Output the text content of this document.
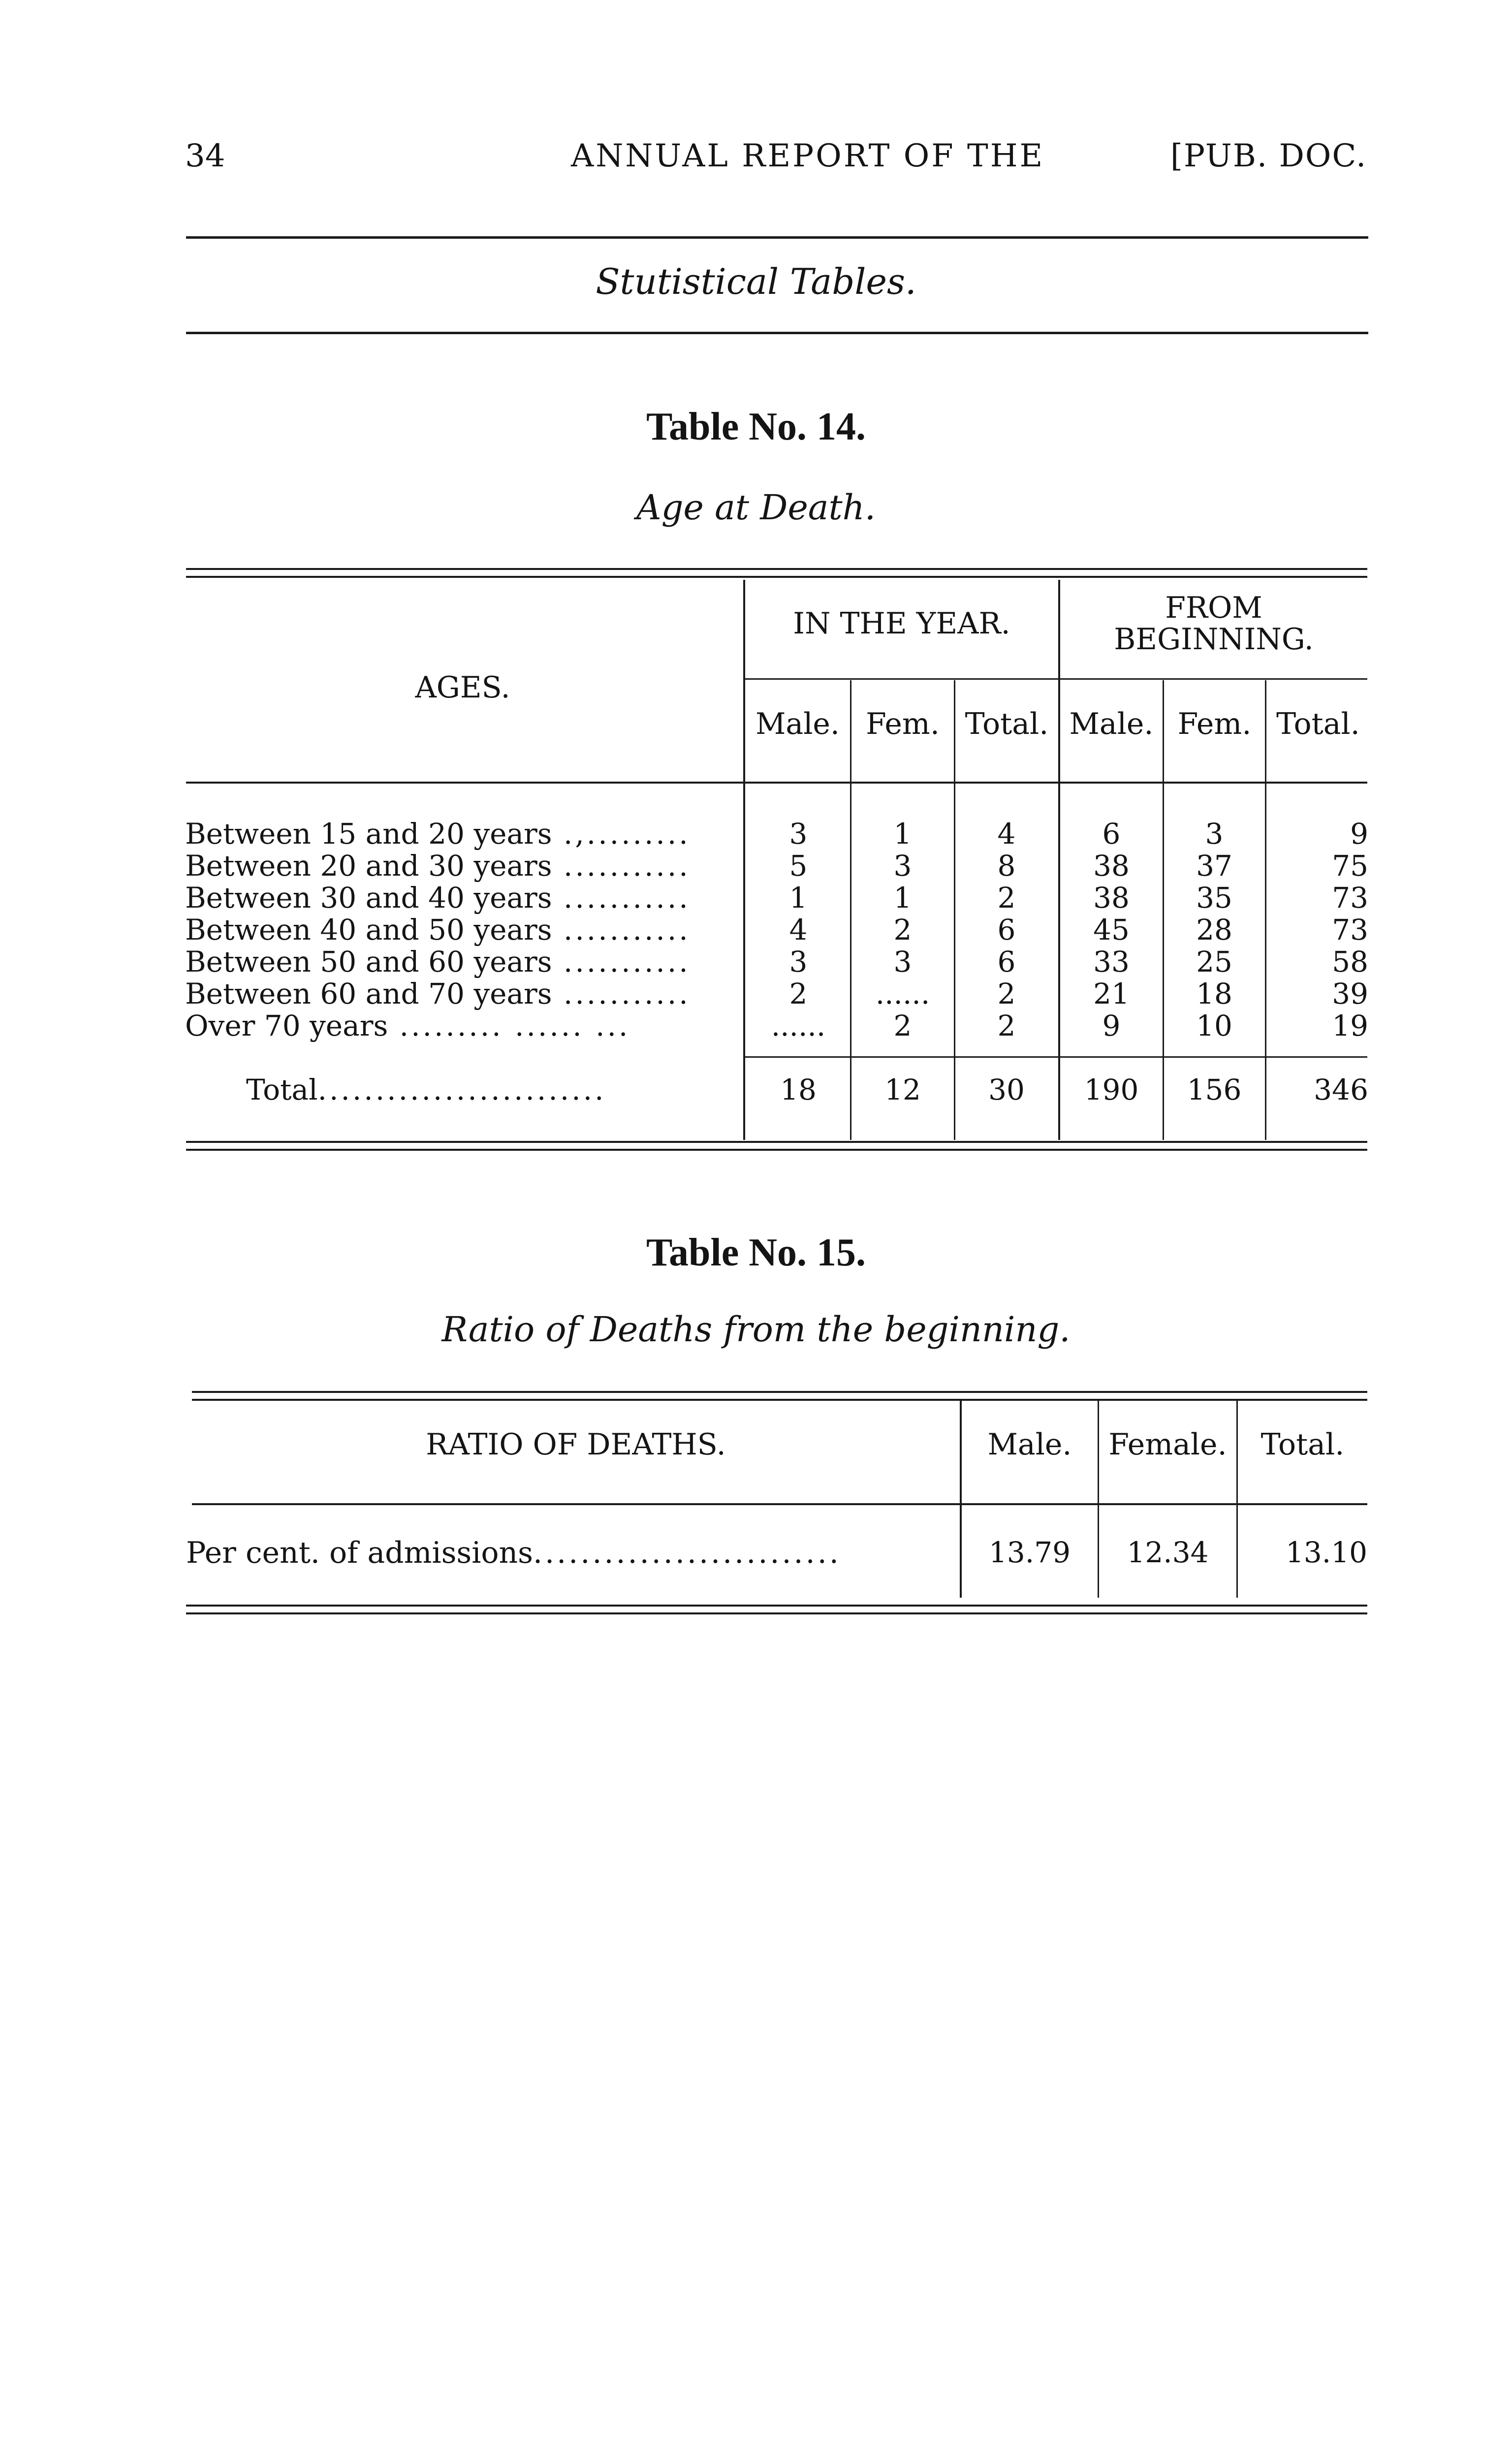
34	ANNUAL REPORT OF THE	[PUB. DOC.
Stutistical Tables.
Table No. 14.
Age at Death.
AGES.
IN THE YEAR.	FROM
BEGINNING.
Male. Fem. Total. Male. Fem. Total.
Between 15 and 20 years .,.........	3	1	4	6	3	9
Between 20 and 30 years ...........	5	3	8	38	37	75
Between 30 and 40 years ...........	1	1	2	38	35	73
Between 40 and 50 years ...........	4	2	6	45	28	73
Between 50 and 60 years ...........	3	3	6	33	25	58
Between 60 and 70 years ...........	2	......	2	21	18	39
Over 70 years ......... ...... ...	......	2	2	9	10	19
Total.........................	18	12	30	190	156	346
Table No. 15.
Ratio of Deaths from the beginning.
RATIO OF DEATHS.	Male.	Female.	Total.
Per cent. of admissions..........................	13.79	12.34	13.10
